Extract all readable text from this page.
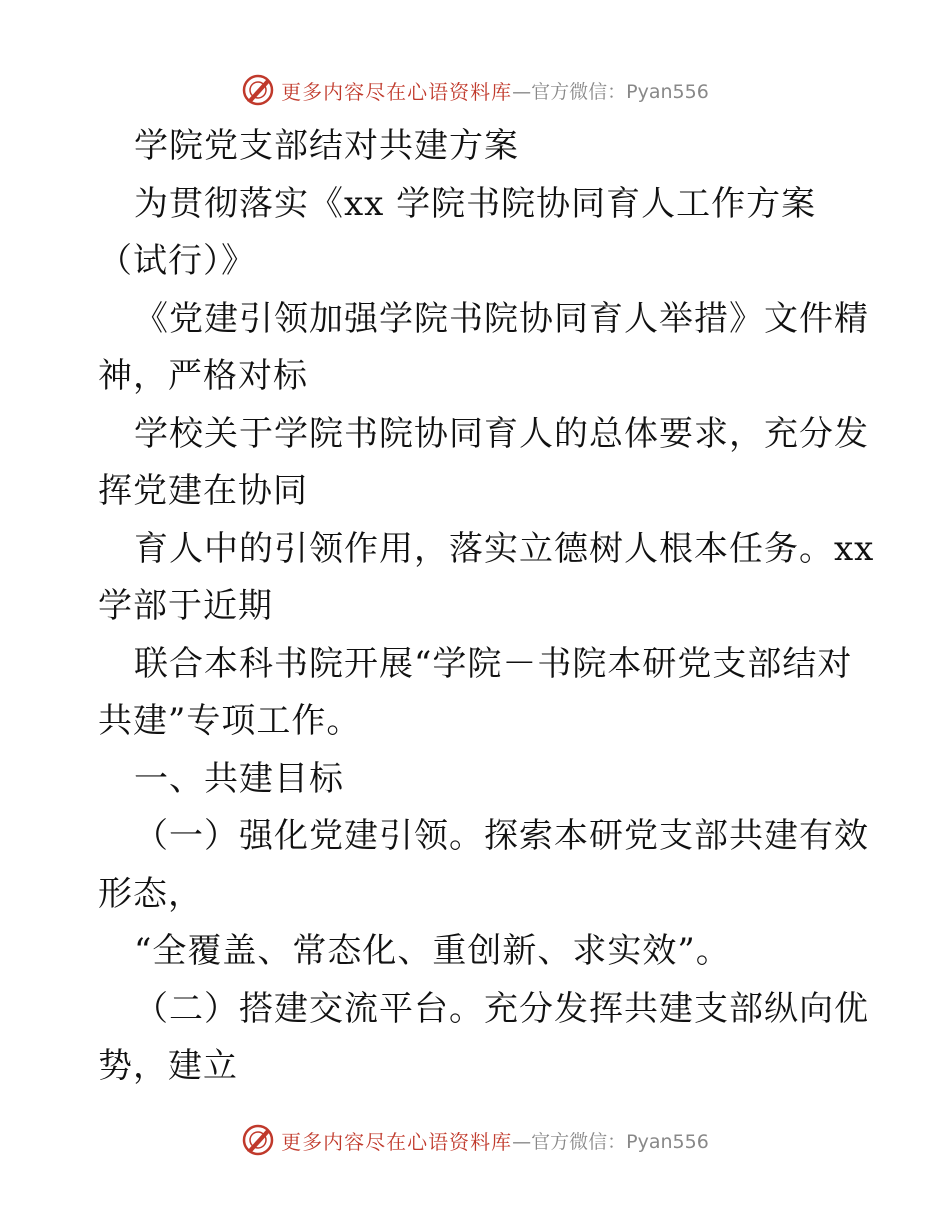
更多内容尽在心语资料库 —官方微信：Pyan556
学院党支部结对共建方案
为贯彻落实《xx 学院书院协同育人工作方案
（试行）》
《党建引领加强学院书院协同育人举措》文件精
神，严格对标
学校关于学院书院协同育人的总体要求，充分发
挥党建在协同
育人中的引领作用，落实立德树人根本任务。xx
学部于近期
联合本科书院开展“学院－书院本研党支部结对
共建”专项工作。
一、共建目标
（一）强化党建引领。探索本研党支部共建有效
形态，
“全覆盖、常态化、重创新、求实效”。
（二）搭建交流平台。充分发挥共建支部纵向优
势，建立
更多内容尽在心语资料库 —官方微信：Pyan556
